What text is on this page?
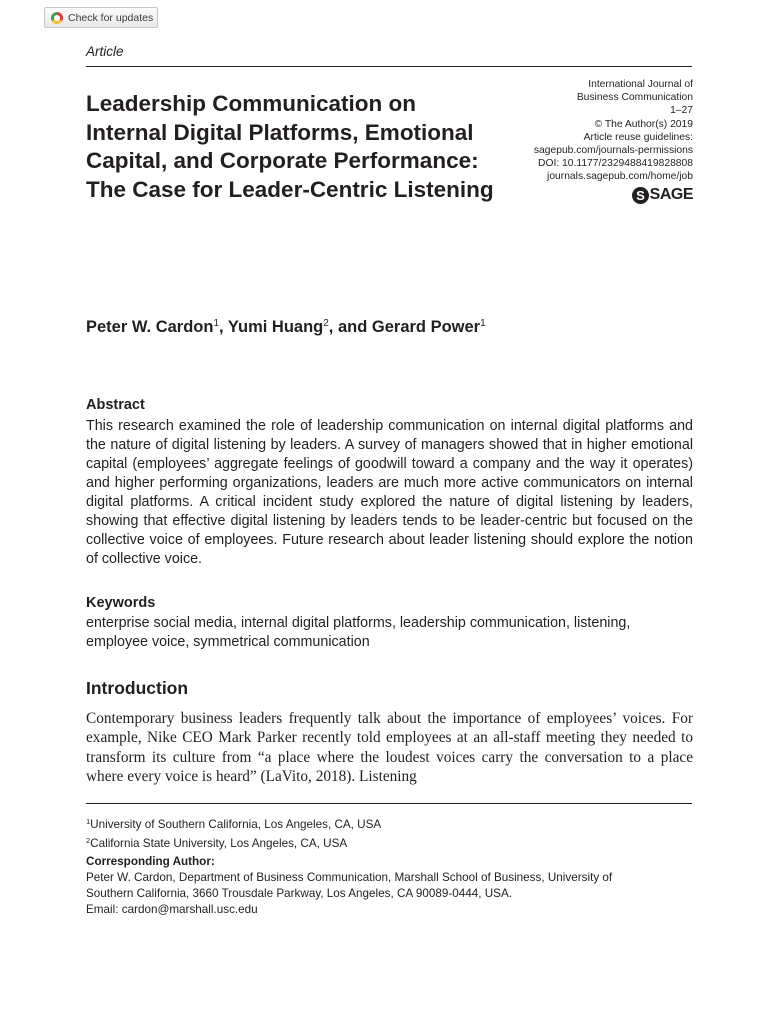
Check for updates
Article
Leadership Communication on Internal Digital Platforms, Emotional Capital, and Corporate Performance: The Case for Leader-Centric Listening
International Journal of
Business Communication
1–27
© The Author(s) 2019
Article reuse guidelines:
sagepub.com/journals-permissions
DOI: 10.1177/2329488419828808
journals.sagepub.com/home/job
S SAGE
Peter W. Cardon$^1$, Yumi Huang$^2$, and Gerard Power$^1$
Abstract

This research examined the role of leadership communication on internal digital platforms and the nature of digital listening by leaders. A survey of managers showed that in higher emotional capital (employees’ aggregate feelings of goodwill toward a company and the way it operates) and higher performing organizations, leaders are much more active communicators on internal digital platforms. A critical incident study explored the nature of digital listening by leaders, showing that effective digital listening by leaders tends to be leader-centric but focused on the collective voice of employees. Future research about leader listening should explore the notion of collective voice.

Keywords

enterprise social media, internal digital platforms, leadership communication, listening, employee voice, symmetrical communication

Introduction

Contemporary business leaders frequently talk about the importance of employees’ voices. For example, Nike CEO Mark Parker recently told employees at an all-staff meeting they needed to transform its culture from “a place where the loudest voices carry the conversation to a place where every voice is heard” (LaVito, 2018). Listening

$^1$University of Southern California, Los Angeles, CA, USA
$^2$California State University, Los Angeles, CA, USA
Corresponding Author:
Peter W. Cardon, Department of Business Communication, Marshall School of Business, University of
Southern California, 3660 Trousdale Parkway, Los Angeles, CA 90089-0444, USA.
Email: cardon@marshall.usc.edu
